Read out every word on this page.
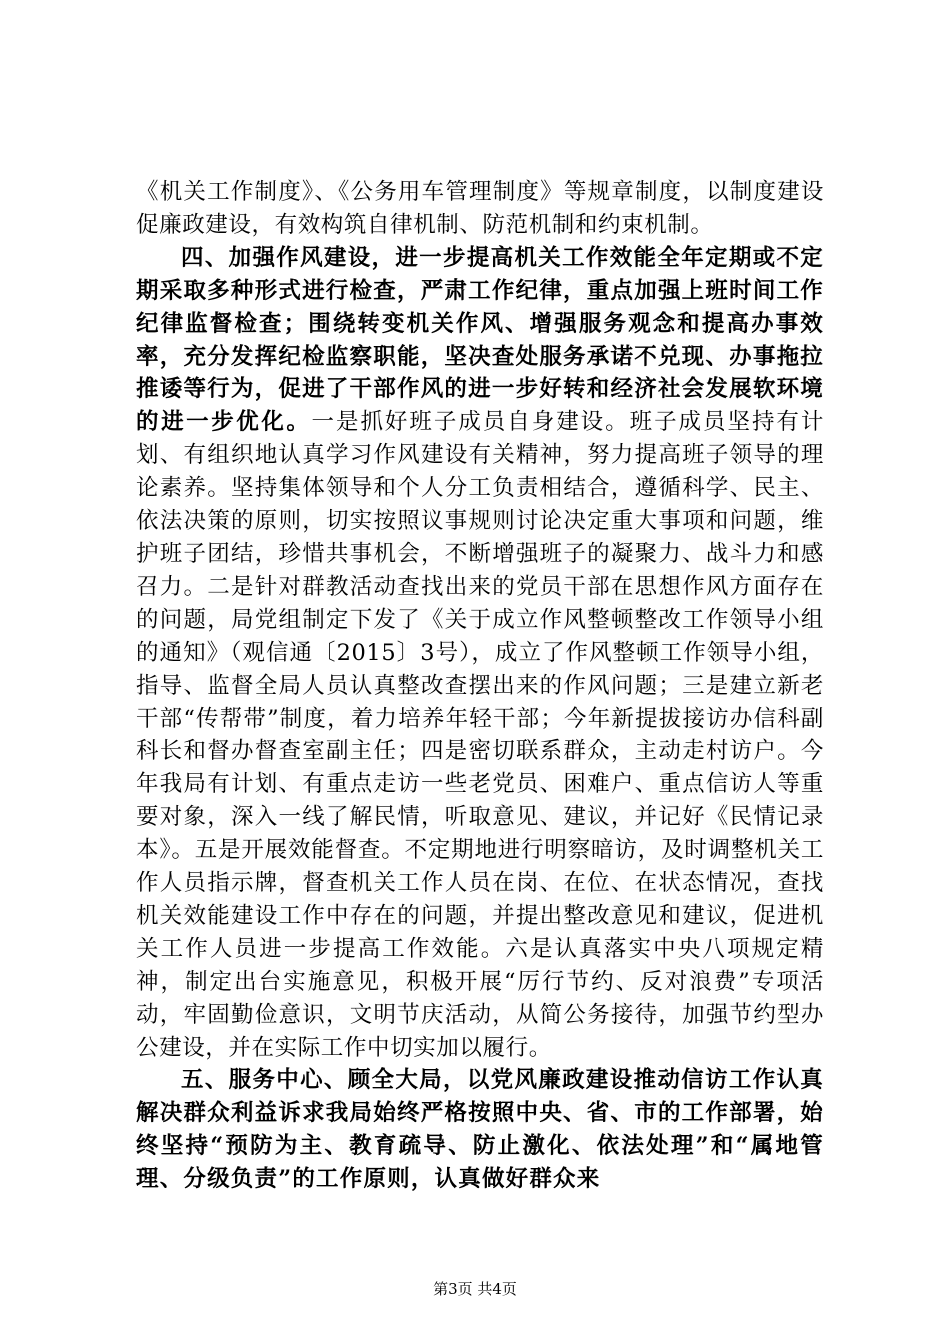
《机关工作制度》、《公务用车管理制度》等规章制度，以制度建设促廉政建设，有效构筑自律机制、防范机制和约束机制。

四、加强作风建设，进一步提高机关工作效能全年定期或不定期采取多种形式进行检查，严肃工作纪律，重点加强上班时间工作纪律监督检查；围绕转变机关作风、增强服务观念和提高办事效率，充分发挥纪检监察职能，坚决查处服务承诺不兑现、办事拖拉推诿等行为，促进了干部作风的进一步好转和经济社会发展软环境的进一步优化。一是抓好班子成员自身建设。班子成员坚持有计划、有组织地认真学习作风建设有关精神，努力提高班子领导的理论素养。坚持集体领导和个人分工负责相结合，遵循科学、民主、依法决策的原则，切实按照议事规则讨论决定重大事项和问题，维护班子团结，珍惜共事机会，不断增强班子的凝聚力、战斗力和感召力。二是针对群教活动查找出来的党员干部在思想作风方面存在的问题，局党组制定下发了《关于成立作风整顿整改工作领导小组的通知》（观信通〔2015〕3号），成立了作风整顿工作领导小组，指导、监督全局人员认真整改查摆出来的作风问题；三是建立新老干部“传帮带”制度，着力培养年轻干部；今年新提拔接访办信科副科长和督办督查室副主任；四是密切联系群众，主动走村访户。今年我局有计划、有重点走访一些老党员、困难户、重点信访人等重要对象，深入一线了解民情，听取意见、建议，并记好《民情记录本》。五是开展效能督查。不定期地进行明察暗访，及时调整机关工作人员指示牌，督查机关工作人员在岗、在位、在状态情况，查找机关效能建设工作中存在的问题，并提出整改意见和建议，促进机关工作人员进一步提高工作效能。六是认真落实中央八项规定精神，制定出台实施意见，积极开展“厉行节约、反对浪费”专项活动，牢固勤俭意识，文明节庆活动，从简公务接待，加强节约型办公建设，并在实际工作中切实加以履行。

五、服务中心、顾全大局，以党风廉政建设推动信访工作认真解决群众利益诉求我局始终严格按照中央、省、市的工作部署，始终坚持“预防为主、教育疏导、防止激化、依法处理”和“属地管理、分级负责”的工作原则，认真做好群众来

第3页 共4页
